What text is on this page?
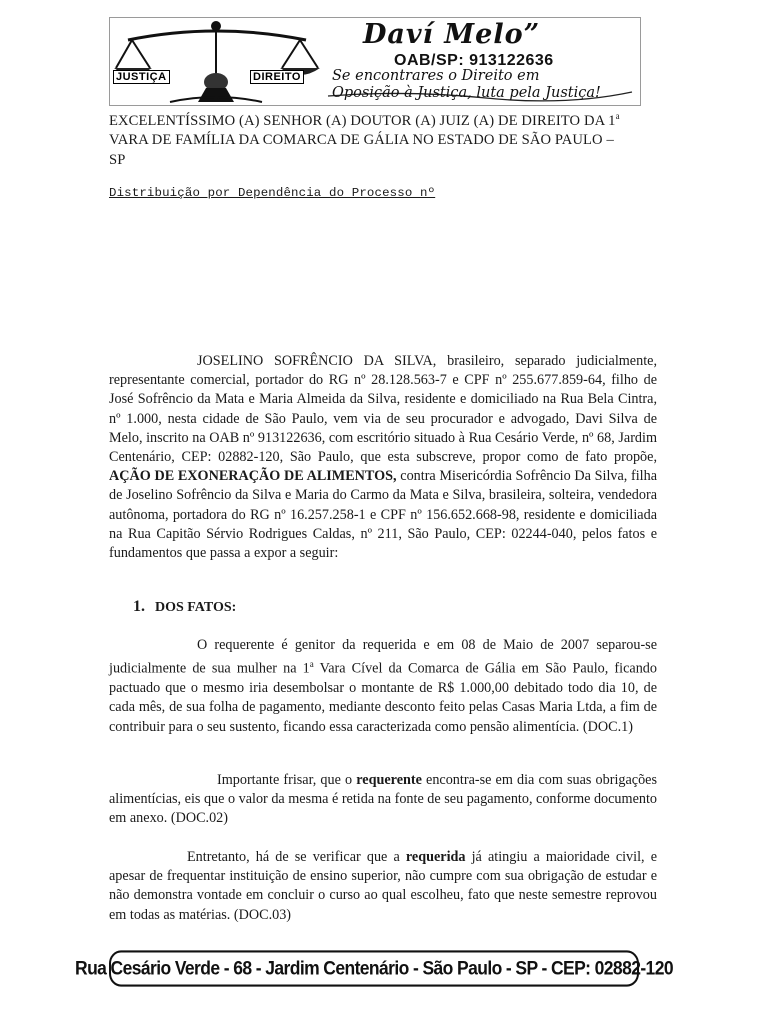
JUSTIÇA	DIREITO
Daví Melo”
OAB/SP: 913122636
Se encontrares o Direito em
Oposição à Justiça, luta pela Justiça!
EXCELENTÍSSIMO (A) SENHOR (A) DOUTOR (A) JUIZ (A) DE DIREITO DA 1$^a$
VARA DE FAMÍLIA DA COMARCA DE GÁLIA NO ESTADO DE SÃO PAULO –
SP
Distribuição por Dependência do Processo nº
JOSELINO SOFRÊNCIO DA SILVA, brasileiro, separado judicialmente, representante comercial, portador do RG nº 28.128.563-7 e CPF nº 255.677.859-64, filho de José Sofrêncio da Mata e Maria Almeida da Silva, residente e domiciliado na Rua Bela Cintra, nº 1.000, nesta cidade de São Paulo, vem via de seu procurador e advogado, Davi Silva de Melo, inscrito na OAB nº 913122636, com escritório situado à Rua Cesário Verde, nº 68, Jardim Centenário, CEP: 02882-120, São Paulo, que esta subscreve, propor como de fato propõe, AÇÃO DE EXONERAÇÃO DE ALIMENTOS, contra Misericórdia Sofrêncio Da Silva, filha de Joselino Sofrêncio da Silva e Maria do Carmo da Mata e Silva, brasileira, solteira, vendedora autônoma, portadora do RG nº 16.257.258-1 e CPF nº 156.652.668-98, residente e domiciliada na Rua Capitão Sérvio Rodrigues Caldas, nº 211, São Paulo, CEP: 02244-040, pelos fatos e fundamentos que passa a expor a seguir:
1. DOS FATOS:
O requerente é genitor da requerida e em 08 de Maio de 2007 separou-se judicialmente de sua mulher na 1$^a$ Vara Cível da Comarca de Gália em São Paulo, ficando pactuado que o mesmo iria desembolsar o montante de R$ 1.000,00 debitado todo dia 10, de cada mês, de sua folha de pagamento, mediante desconto feito pelas Casas Maria Ltda, a fim de contribuir para o seu sustento, ficando essa caracterizada como pensão alimentícia. (DOC.1)
Importante frisar, que o requerente encontra-se em dia com suas obrigações alimentícias, eis que o valor da mesma é retida na fonte de seu pagamento, conforme documento em anexo. (DOC.02)
Entretanto, há de se verificar que a requerida já atingiu a maioridade civil, e apesar de frequentar instituição de ensino superior, não cumpre com sua obrigação de estudar e não demonstra vontade em concluir o curso ao qual escolheu, fato que neste semestre reprovou em todas as matérias. (DOC.03)
Rua Cesário Verde - 68 - Jardim Centenário - São Paulo - SP - CEP: 02882-120
